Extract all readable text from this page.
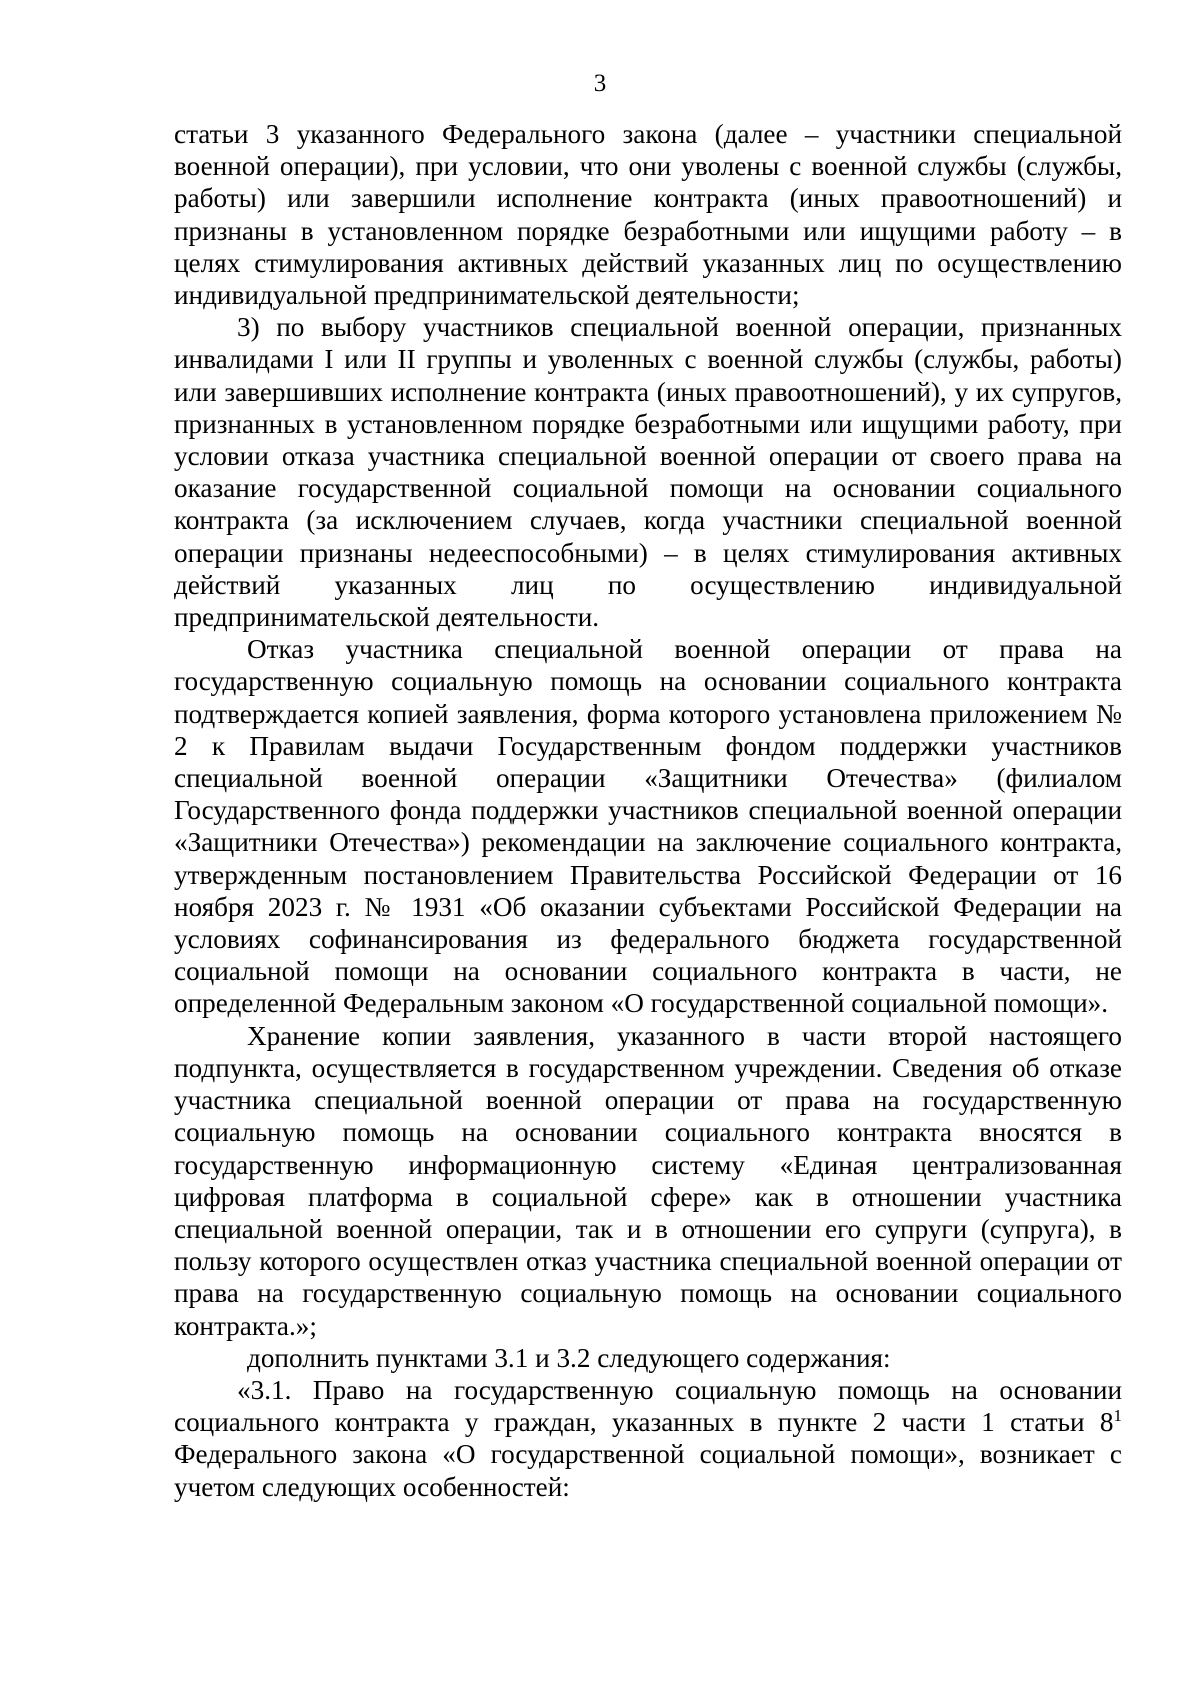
3

статьи 3 указанного Федерального закона (далее – участники специальной военной операции), при условии, что они уволены с военной службы (службы, работы) или завершили исполнение контракта (иных правоотношений) и признаны в установленном порядке безработными или ищущими работу – в целях стимулирования активных действий указанных лиц по осуществлению индивидуальной предпринимательской деятельности;

3) по выбору участников специальной военной операции, признанных инвалидами I или II группы и уволенных с военной службы (службы, работы) или завершивших исполнение контракта (иных правоотношений), у их супругов, признанных в установленном порядке безработными или ищущими работу, при условии отказа участника специальной военной операции от своего права на оказание государственной социальной помощи на основании социального контракта (за исключением случаев, когда участники специальной военной операции признаны недееспособными) – в целях стимулирования активных действий указанных лиц по осуществлению индивидуальной предпринимательской деятельности.

Отказ участника специальной военной операции от права на государственную социальную помощь на основании социального контракта подтверждается копией заявления, форма которого установлена приложением № 2 к Правилам выдачи Государственным фондом поддержки участников специальной военной операции «Защитники Отечества» (филиалом Государственного фонда поддержки участников специальной военной операции «Защитники Отечества») рекомендации на заключение социального контракта, утвержденным постановлением Правительства Российской Федерации от 16 ноября 2023 г. № 1931 «Об оказании субъектами Российской Федерации на условиях софинансирования из федерального бюджета государственной социальной помощи на основании социального контракта в части, не определенной Федеральным законом «О государственной социальной помощи».

Хранение копии заявления, указанного в части второй настоящего подпункта, осуществляется в государственном учреждении. Сведения об отказе участника специальной военной операции от права на государственную социальную помощь на основании социального контракта вносятся в государственную информационную систему «Единая централизованная цифровая платформа в социальной сфере» как в отношении участника специальной военной операции, так и в отношении его супруги (супруга), в пользу которого осуществлен отказ участника специальной военной операции от права на государственную социальную помощь на основании социального контракта.»;

дополнить пунктами 3.1 и 3.2 следующего содержания:

«3.1. Право на государственную социальную помощь на основании социального контракта у граждан, указанных в пункте 2 части 1 статьи 8$^1$ Федерального закона «О государственной социальной помощи», возникает с учетом следующих особенностей:
